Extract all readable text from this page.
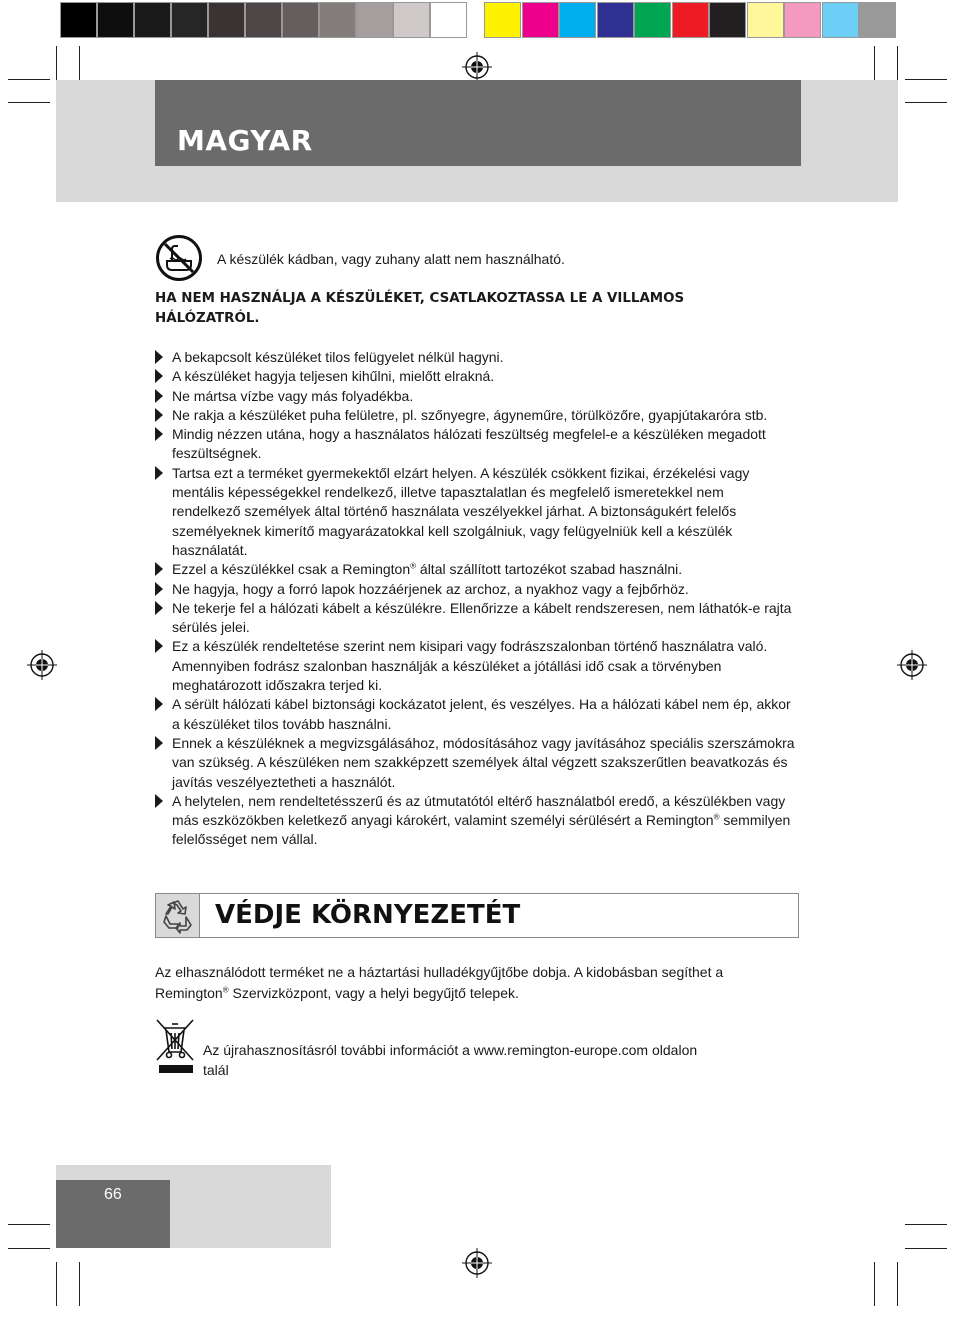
MAGYAR
A készülék kádban, vagy zuhany alatt nem használható.

HA NEM HASZNÁLJA A KÉSZÜLÉKET, CSATLAKOZTASSA LE A VILLAMOS HÁLÓZATRÓL.

A bekapcsolt készüléket tilos felügyelet nélkül hagyni.
A készüléket hagyja teljesen kihűlni, mielőtt elrakná.
Ne mártsa vízbe vagy más folyadékba.
Ne rakja a készüléket puha felületre, pl. szőnyegre, ágyneműre, törülközőre, gyapjútakaróra stb.
Mindig nézzen utána, hogy a használatos hálózati feszültség megfelel-e a készüléken megadott feszültségnek.
Tartsa ezt a terméket gyermekektől elzárt helyen. A készülék csökkent fizikai, érzékelési vagy mentális képességekkel rendelkező, illetve tapasztalatlan és megfelelő ismeretekkel nem rendelkező személyek által történő használata veszélyekkel járhat. A biztonságukért felelős személyeknek kimerítő magyarázatokkal kell szolgálniuk, vagy felügyelniük kell a készülék használatát.
Ezzel a készülékkel csak a Remington® által szállított tartozékot szabad használni.
Ne hagyja, hogy a forró lapok hozzáérjenek az archoz, a nyakhoz vagy a fejbőrhöz.
Ne tekerje fel a hálózati kábelt a készülékre. Ellenőrizze a kábelt rendszeresen, nem láthatók-e rajta sérülés jelei.
Ez a készülék rendeltetése szerint nem kisipari vagy fodrászszalonban történő használatra való. Amennyiben fodrász szalonban használják a készüléket a jótállási idő csak a törvényben meghatározott időszakra terjed ki.
A sérült hálózati kábel biztonsági kockázatot jelent, és veszélyes. Ha a hálózati kábel nem ép, akkor a készüléket tilos tovább használni.
Ennek a készüléknek a megvizsgálásához, módosításához vagy javításához speciális szerszámokra van szükség. A készüléken nem szakképzett személyek által végzett szakszerűtlen beavatkozás és javítás veszélyeztetheti a használót.
A helytelen, nem rendeltetésszerű és az útmutatótól eltérő használatból eredő, a készülékben vagy más eszközökben keletkező anyagi károkért, valamint személyi sérülésért a Remington® semmilyen felelősséget nem vállal.
VÉDJE KÖRNYEZETÉT

Az elhasználódott terméket ne a háztartási hulladékgyűjtőbe dobja. A kidobásban segíthet a Remington® Szervizközpont, vagy a helyi begyűjtő telepek.

Az újrahasznosításról további információt a www.remington-europe.com oldalon talál

66
